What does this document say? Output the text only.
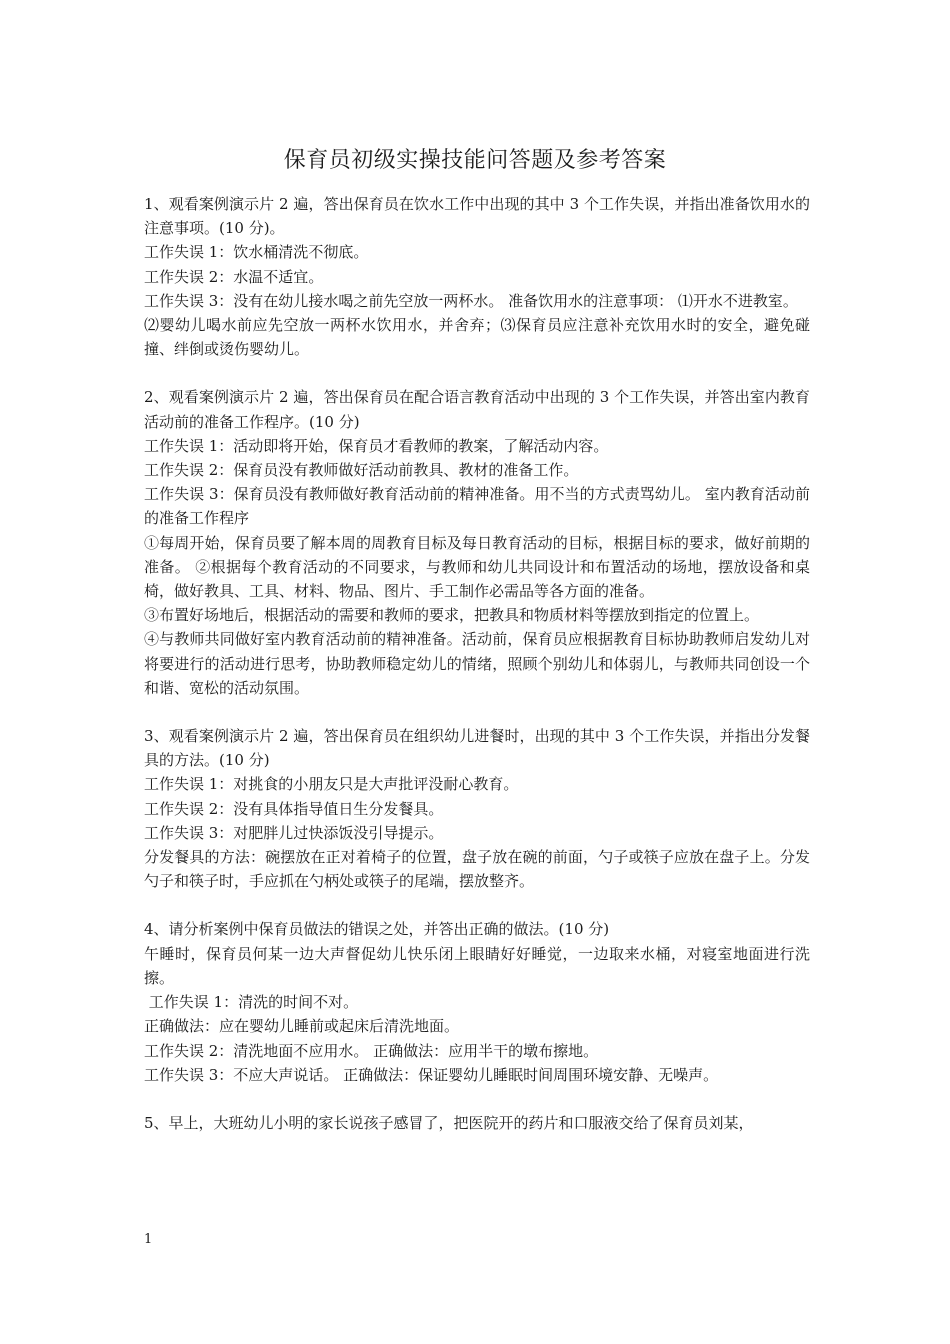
保育员初级实操技能问答题及参考答案

1、观看案例演示片 2 遍，答出保育员在饮水工作中出现的其中 3 个工作失误，并指出准备饮用水的注意事项。(10 分)。

工作失误 1：饮水桶清洗不彻底。

工作失误 2：水温不适宜。

工作失误 3：没有在幼儿接水喝之前先空放一两杯水。 准备饮用水的注意事项： ⑴开水不进教室。

⑵婴幼儿喝水前应先空放一两杯水饮用水，并舍弃；⑶保育员应注意补充饮用水时的安全，避免碰撞、绊倒或烫伤婴幼儿。

2、观看案例演示片 2 遍，答出保育员在配合语言教育活动中出现的 3 个工作失误，并答出室内教育活动前的准备工作程序。(10 分)

工作失误 1：活动即将开始，保育员才看教师的教案，了解活动内容。

工作失误 2：保育员没有教师做好活动前教具、教材的准备工作。

工作失误 3：保育员没有教师做好教育活动前的精神准备。用不当的方式责骂幼儿。 室内教育活动前的准备工作程序

①每周开始，保育员要了解本周的周教育目标及每日教育活动的目标，根据目标的要求，做好前期的准备。 ②根据每个教育活动的不同要求，与教师和幼儿共同设计和布置活动的场地，摆放设备和桌椅，做好教具、工具、材料、物品、图片、手工制作必需品等各方面的准备。

③布置好场地后，根据活动的需要和教师的要求，把教具和物质材料等摆放到指定的位置上。

④与教师共同做好室内教育活动前的精神准备。活动前，保育员应根据教育目标协助教师启发幼儿对将要进行的活动进行思考，协助教师稳定幼儿的情绪，照顾个别幼儿和体弱儿，与教师共同创设一个和谐、宽松的活动氛围。

3、观看案例演示片 2 遍，答出保育员在组织幼儿进餐时，出现的其中 3 个工作失误，并指出分发餐具的方法。(10 分)

工作失误 1：对挑食的小朋友只是大声批评没耐心教育。

工作失误 2：没有具体指导值日生分发餐具。

工作失误 3：对肥胖儿过快添饭没引导提示。

分发餐具的方法：碗摆放在正对着椅子的位置，盘子放在碗的前面，勺子或筷子应放在盘子上。分发勺子和筷子时，手应抓在勺柄处或筷子的尾端，摆放整齐。

4、请分析案例中保育员做法的错误之处，并答出正确的做法。(10 分)

午睡时，保育员何某一边大声督促幼儿快乐闭上眼睛好好睡觉，一边取来水桶，对寝室地面进行洗擦。

工作失误 1：清洗的时间不对。

正确做法：应在婴幼儿睡前或起床后清洗地面。

工作失误 2：清洗地面不应用水。 正确做法：应用半干的墩布擦地。

工作失误 3：不应大声说话。 正确做法：保证婴幼儿睡眠时间周围环境安静、无噪声。

5、早上，大班幼儿小明的家长说孩子感冒了，把医院开的药片和口服液交给了保育员刘某，

1
